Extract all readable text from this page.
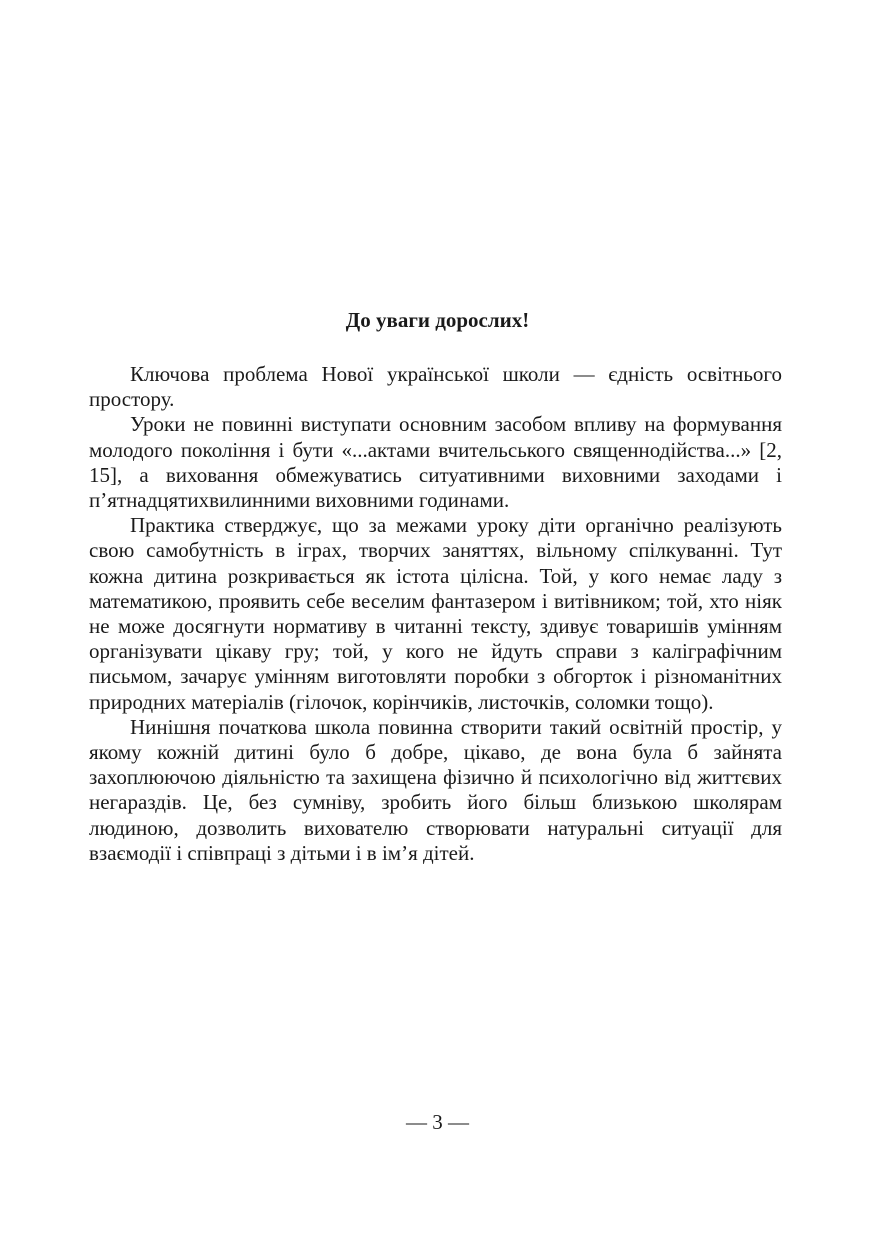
До уваги дорослих!

Ключова проблема Нової української школи — єдність освітнього простору.

Уроки не повинні виступати основним засобом впливу на формування молодого покоління і бути «...актами вчительського священнодійства...» [2, 15], а виховання обмежуватись ситуативними виховними заходами і п’ятнадцятихвилинними виховними годинами.

Практика стверджує, що за межами уроку діти органічно реалізують свою самобутність в іграх, творчих заняттях, вільному спілкуванні. Тут кожна дитина розкривається як істота цілісна. Той, у кого немає ладу з математикою, проявить себе веселим фантазером і витівником; той, хто ніяк не може досягнути нормативу в читанні тексту, здивує товаришів умінням організувати цікаву гру; той, у кого не йдуть справи з каліграфічним письмом, зачарує умінням виготовляти поробки з обгорток і різноманітних природних матеріалів (гілочок, корінчиків, листочків, соломки тощо).

Нинішня початкова школа повинна створити такий освітній простір, у якому кожній дитині було б добре, цікаво, де вона була б зайнята захоплюючою діяльністю та захищена фізично й психологічно від життєвих негараздів. Це, без сумніву, зробить його більш близькою школярам людиною, дозволить вихователю створювати натуральні ситуації для взаємодії і співпраці з дітьми і в ім’я дітей.

— 3 —
